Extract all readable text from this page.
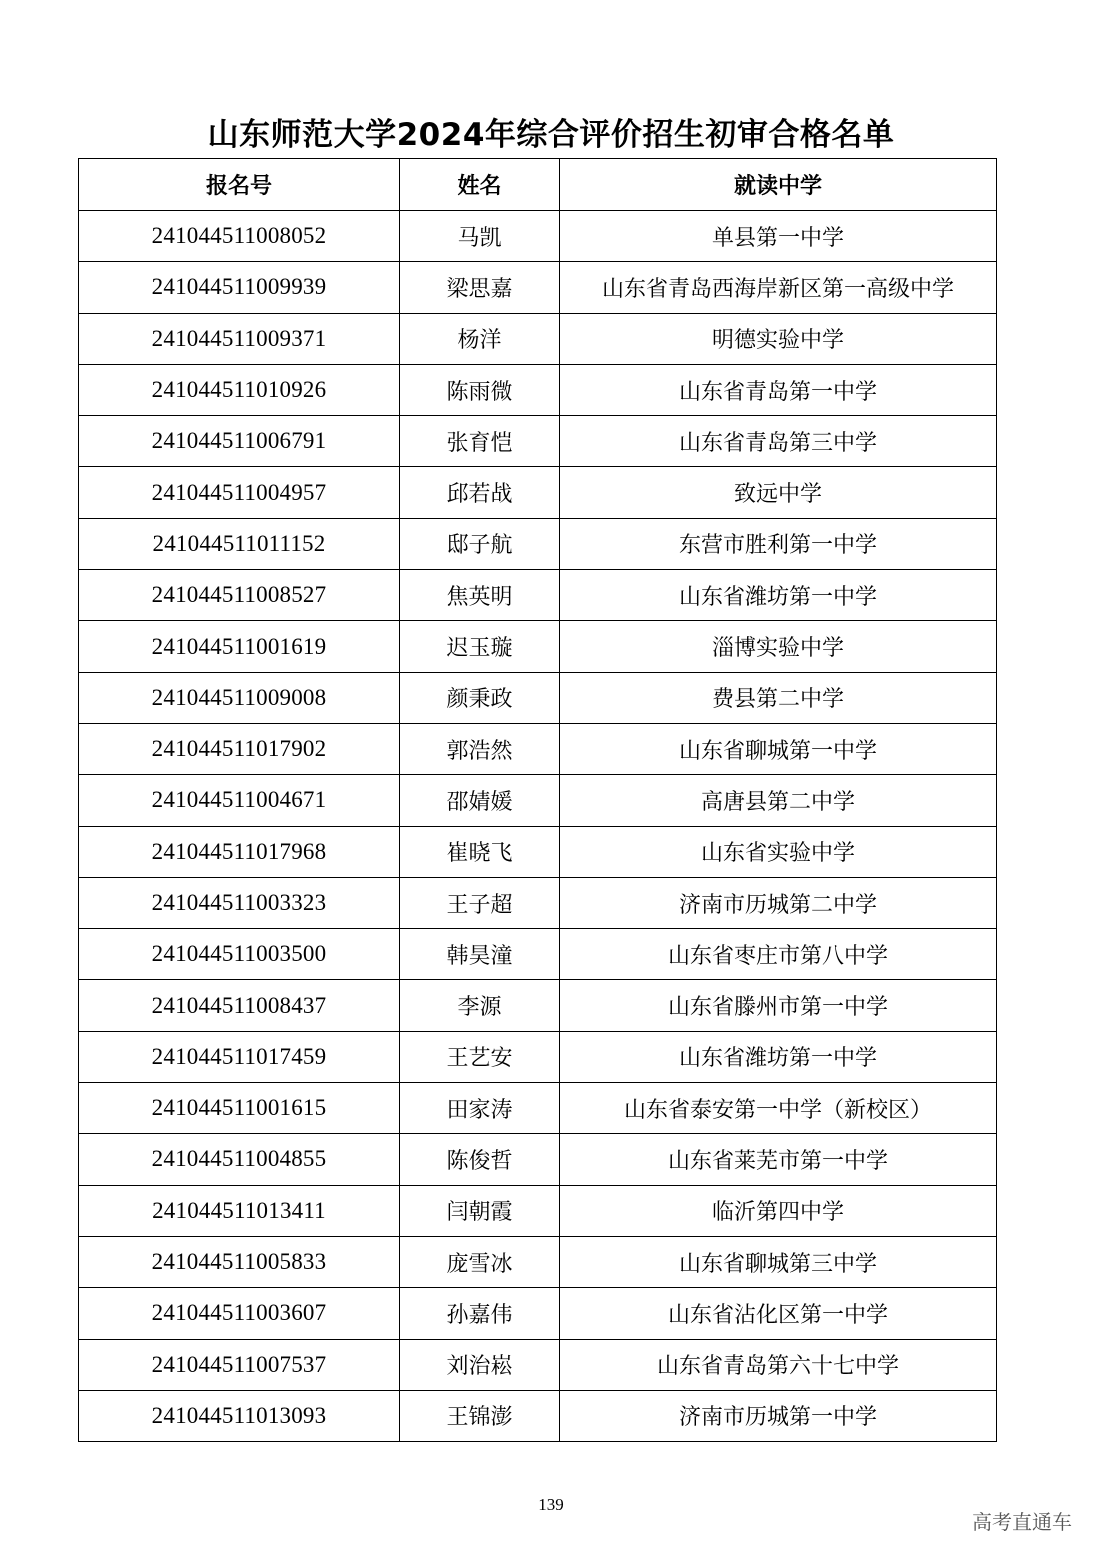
山东师范大学2024年综合评价招生初审合格名单
报名号	姓名	就读中学
241044511008052	马凯	单县第一中学
241044511009939	梁思嘉	山东省青岛西海岸新区第一高级中学
241044511009371	杨洋	明德实验中学
241044511010926	陈雨微	山东省青岛第一中学
241044511006791	张育恺	山东省青岛第三中学
241044511004957	邱若战	致远中学
241044511011152	邸子航	东营市胜利第一中学
241044511008527	焦英明	山东省潍坊第一中学
241044511001619	迟玉璇	淄博实验中学
241044511009008	颜秉政	费县第二中学
241044511017902	郭浩然	山东省聊城第一中学
241044511004671	邵婧媛	高唐县第二中学
241044511017968	崔晓飞	山东省实验中学
241044511003323	王子超	济南市历城第二中学
241044511003500	韩昊潼	山东省枣庄市第八中学
241044511008437	李源	山东省滕州市第一中学
241044511017459	王艺安	山东省潍坊第一中学
241044511001615	田家涛	山东省泰安第一中学（新校区）
241044511004855	陈俊哲	山东省莱芜市第一中学
241044511013411	闫朝霞	临沂第四中学
241044511005833	庞雪冰	山东省聊城第三中学
241044511003607	孙嘉伟	山东省沾化区第一中学
241044511007537	刘治崧	山东省青岛第六十七中学
241044511013093	王锦澎	济南市历城第一中学
139
高考直通车
